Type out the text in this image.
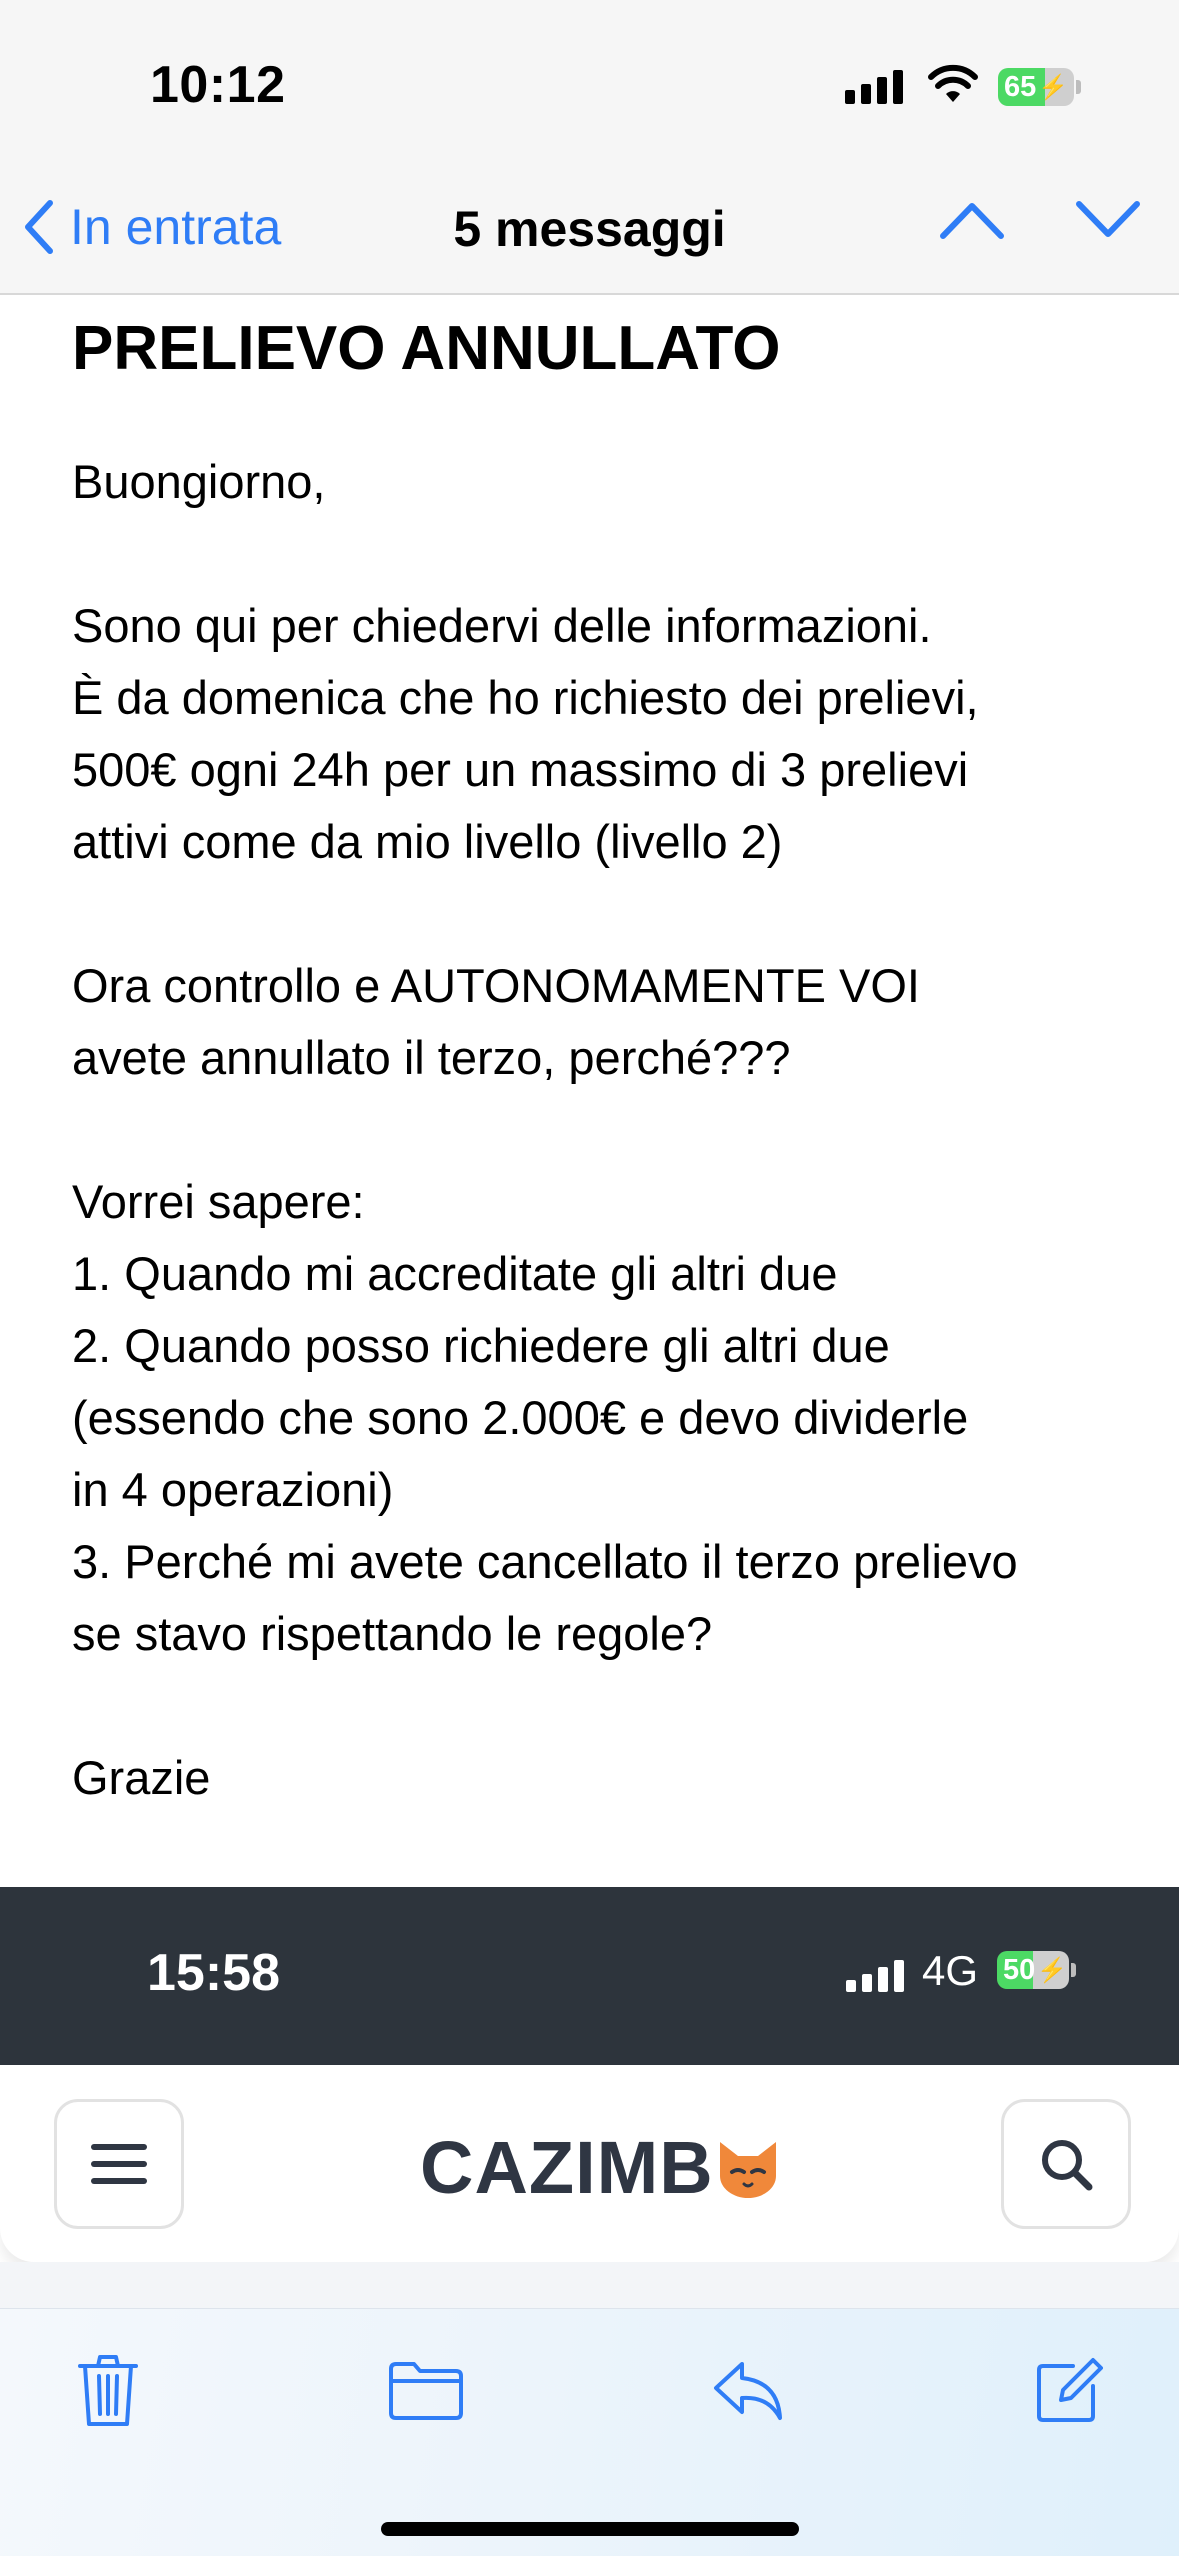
10:12	65 ⚡
In entrata	5 messaggi
PRELIEVO ANNULLATO

Buongiorno,

Sono qui per chiedervi delle informazioni.

È da domenica che ho richiesto dei prelievi,

500€ ogni 24h per un massimo di 3 prelievi

attivi come da mio livello (livello 2)

Ora controllo e AUTONOMAMENTE VOI

avete annullato il terzo, perché???

Vorrei sapere:

1. Quando mi accreditate gli altri due

2. Quando posso richiedere gli altri due

(essendo che sono 2.000€ e devo dividerle

in 4 operazioni)

3. Perché mi avete cancellato il terzo prelievo

se stavo rispettando le regole?

Grazie

15:58	4G 50 ⚡
CAZIMB
